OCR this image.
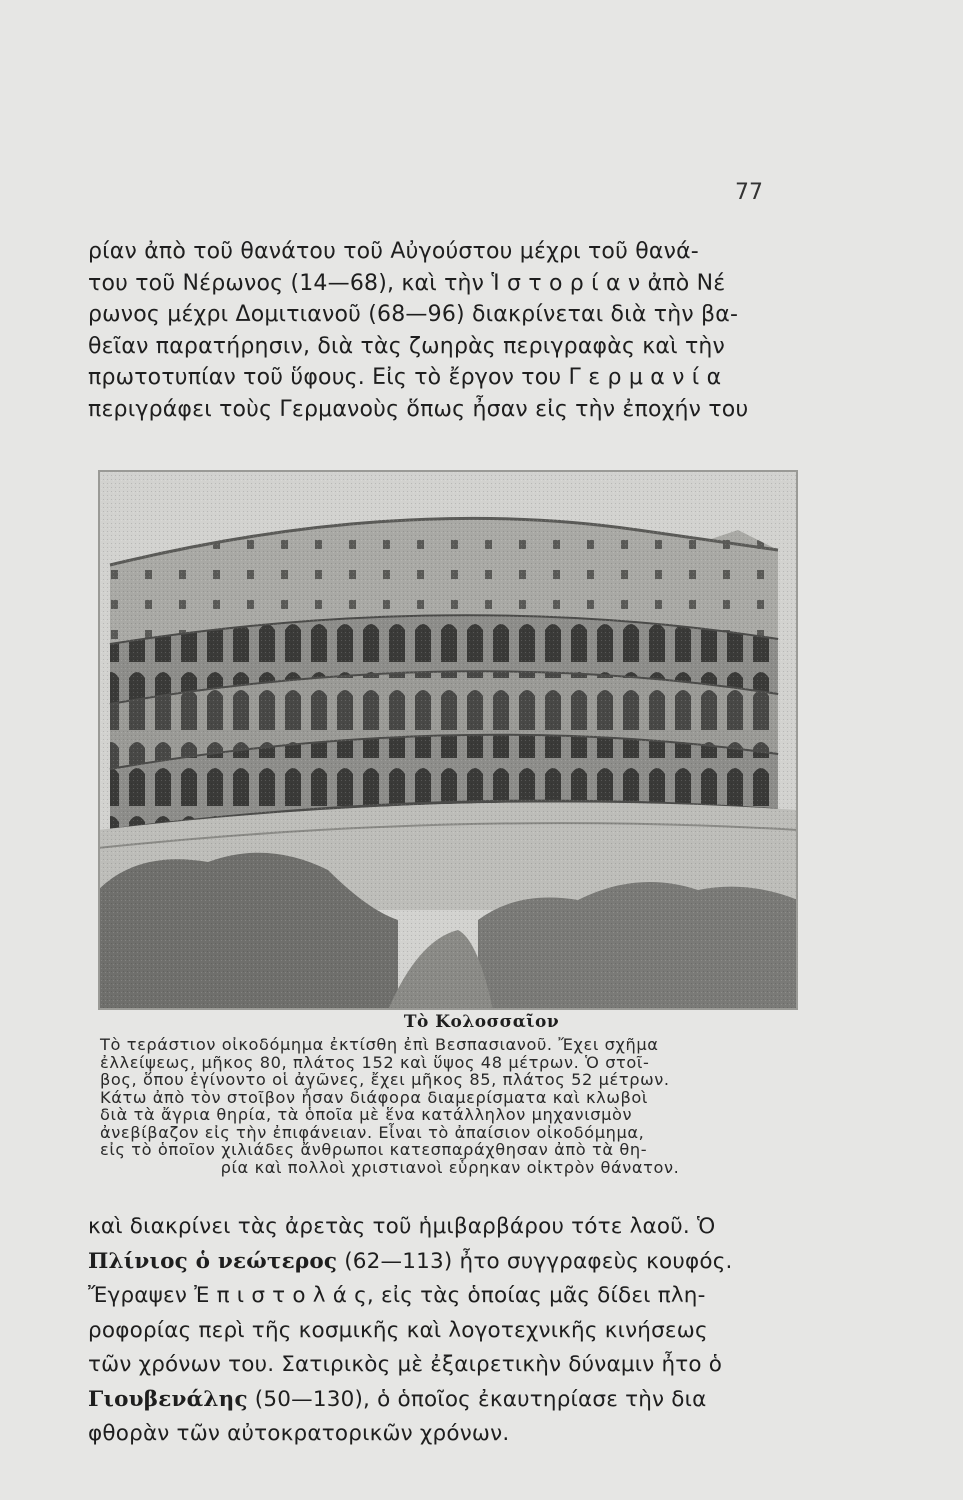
77
ρίαν ἀπὸ τοῦ θανάτου τοῦ Αὐγούστου μέχρι τοῦ θανά-
του τοῦ Νέρωνος (14—68), καὶ τὴν Ἱ σ τ ο ρ ί α ν ἀπὸ Νέ
ρωνος μέχρι Δομιτιανοῦ (68—96) διακρίνεται διὰ τὴν βα-
θεῖαν παρατήρησιν, διὰ τὰς ζωηρὰς περιγραφὰς καὶ τὴν
πρωτοτυπίαν τοῦ ὕφους. Εἰς τὸ ἔργον του Γ ε ρ μ α ν ί α
περιγράφει τοὺς Γερμανοὺς ὅπως ἦσαν εἰς τὴν ἐποχήν του
Τὸ Κολοσσαῖον
Τὸ τεράστιον οἰκοδόμημα ἐκτίσθη ἐπὶ Βεσπασιανοῦ. Ἔχει σχῆμα
ἐλλείψεως, μῆκος 80, πλάτος 152 καὶ ὕψος 48 μέτρων. Ὁ στοῖ-
βος, ὅπου ἐγίνοντο οἱ ἀγῶνες, ἔχει μῆκος 85, πλάτος 52 μέτρων.
Κάτω ἀπὸ τὸν στοῖβον ἦσαν διάφορα διαμερίσματα καὶ κλωβοὶ
διὰ τὰ ἄγρια θηρία, τὰ ὁποῖα μὲ ἕνα κατάλληλον μηχανισμὸν
ἀνεβίβαζον εἰς τὴν ἐπιφάνειαν. Εἶναι τὸ ἀπαίσιον οἰκοδόμημα,
εἰς τὸ ὁποῖον χιλιάδες ἄνθρωποι κατεσπαράχθησαν ἀπὸ τὰ θη-
ρία καὶ πολλοὶ χριστιανοὶ εὗρηκαν οἰκτρὸν θάνατον.
καὶ διακρίνει τὰς ἀρετὰς τοῦ ἡμιβαρβάρου τότε λαοῦ. Ὁ
Πλίνιος ὁ νεώτερος (62—113) ἦτο συγγραφεὺς κουφός.
Ἔγραψεν Ἐ π ι σ τ ο λ ά ς, εἰς τὰς ὁποίας μᾶς δίδει πλη-
ροφορίας περὶ τῆς κοσμικῆς καὶ λογοτεχνικῆς κινήσεως
τῶν χρόνων του. Σατιρικὸς μὲ ἐξαιρετικὴν δύναμιν ἦτο ὁ
Γιουβενάλης (50—130), ὁ ὁποῖος ἐκαυτηρίασε τὴν δια
φθορὰν τῶν αὐτοκρατορικῶν χρόνων.
